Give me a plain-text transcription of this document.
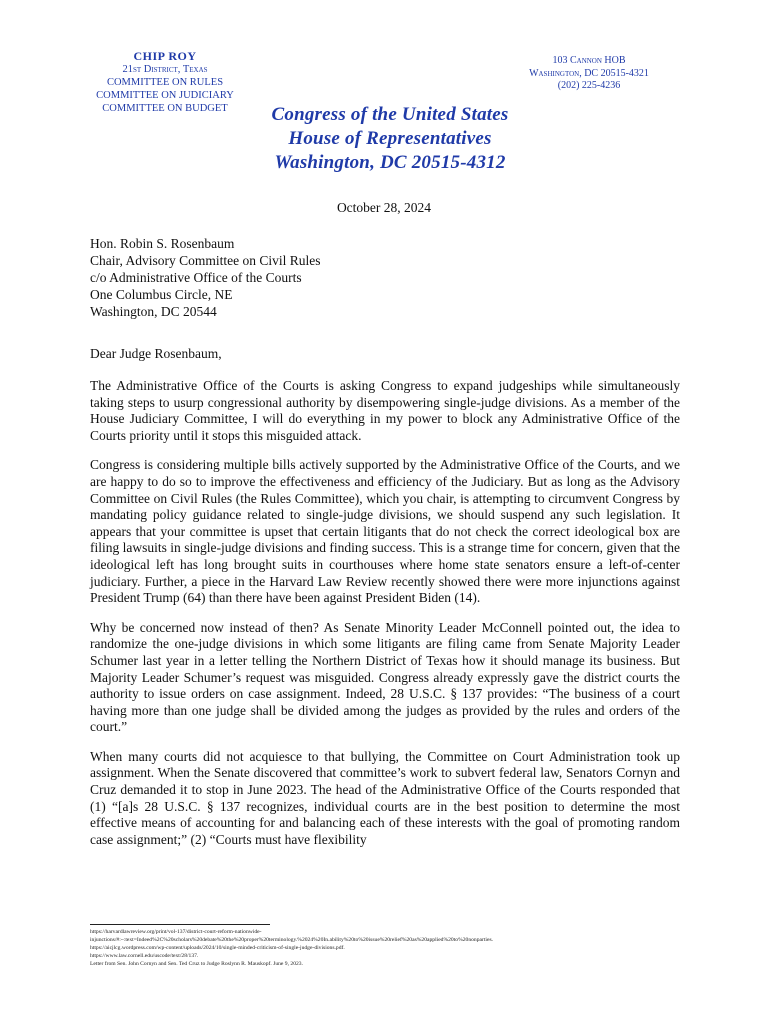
CHIP ROY
21st District, Texas
COMMITTEE ON RULES
COMMITTEE ON JUDICIARY
COMMITTEE ON BUDGET
103 Cannon HOB
Washington, DC 20515-4321
(202) 225-4236
Congress of the United States
House of Representatives
Washington, DC 20515-4312
October 28, 2024
Hon. Robin S. Rosenbaum
Chair, Advisory Committee on Civil Rules
c/o Administrative Office of the Courts
One Columbus Circle, NE
Washington, DC 20544
Dear Judge Rosenbaum,

The Administrative Office of the Courts is asking Congress to expand judgeships while simultaneously taking steps to usurp congressional authority by disempowering single-judge divisions. As a member of the House Judiciary Committee, I will do everything in my power to block any Administrative Office of the Courts priority until it stops this misguided attack.

Congress is considering multiple bills actively supported by the Administrative Office of the Courts, and we are happy to do so to improve the effectiveness and efficiency of the Judiciary. But as long as the Advisory Committee on Civil Rules (the Rules Committee), which you chair, is attempting to circumvent Congress by mandating policy guidance related to single-judge divisions, we should suspend any such legislation. It appears that your committee is upset that certain litigants that do not check the correct ideological box are filing lawsuits in single-judge divisions and finding success. This is a strange time for concern, given that the ideological left has long brought suits in courthouses where home state senators ensure a left-of-center judiciary. Further, a piece in the Harvard Law Review recently showed there were more injunctions against President Trump (64) than there have been against President Biden (14).

Why be concerned now instead of then? As Senate Minority Leader McConnell pointed out, the idea to randomize the one-judge divisions in which some litigants are filing came from Senate Majority Leader Schumer last year in a letter telling the Northern District of Texas how it should manage its business. But Majority Leader Schumer’s request was misguided. Congress already expressly gave the district courts the authority to issue orders on case assignment. Indeed, 28 U.S.C. § 137 provides: “The business of a court having more than one judge shall be divided among the judges as provided by the rules and orders of the court.”

When many courts did not acquiesce to that bullying, the Committee on Court Administration took up assignment. When the Senate discovered that committee’s work to subvert federal law, Senators Cornyn and Cruz demanded it to stop in June 2023. The head of the Administrative Office of the Courts responded that (1) “[a]s 28 U.S.C. § 137 recognizes, individual courts are in the best position to determine the most effective means of accounting for and balancing each of these interests with the goal of promoting random case assignment;” (2) “Courts must have flexibility

https://harvardlawreview.org/print/vol-137/district-court-reform-nationwide-
injunctions/#:~:text=Indeed%2C%20scholars%20debate%20the%20proper%20terminology.%2024%20In.ability%20to%20issue%20relief%20as%20applied%20to%20nonparties.
https://aicjlcg.wordpress.com/wp-content/uploads/2024/10/single-minded-criticism-of-single-judge-divisions.pdf.
https://www.law.cornell.edu/uscode/text/28/137.
Letter from Sen. John Cornyn and Sen. Ted Cruz to Judge Roslynn R. Mauskopf. June 9, 2023.
